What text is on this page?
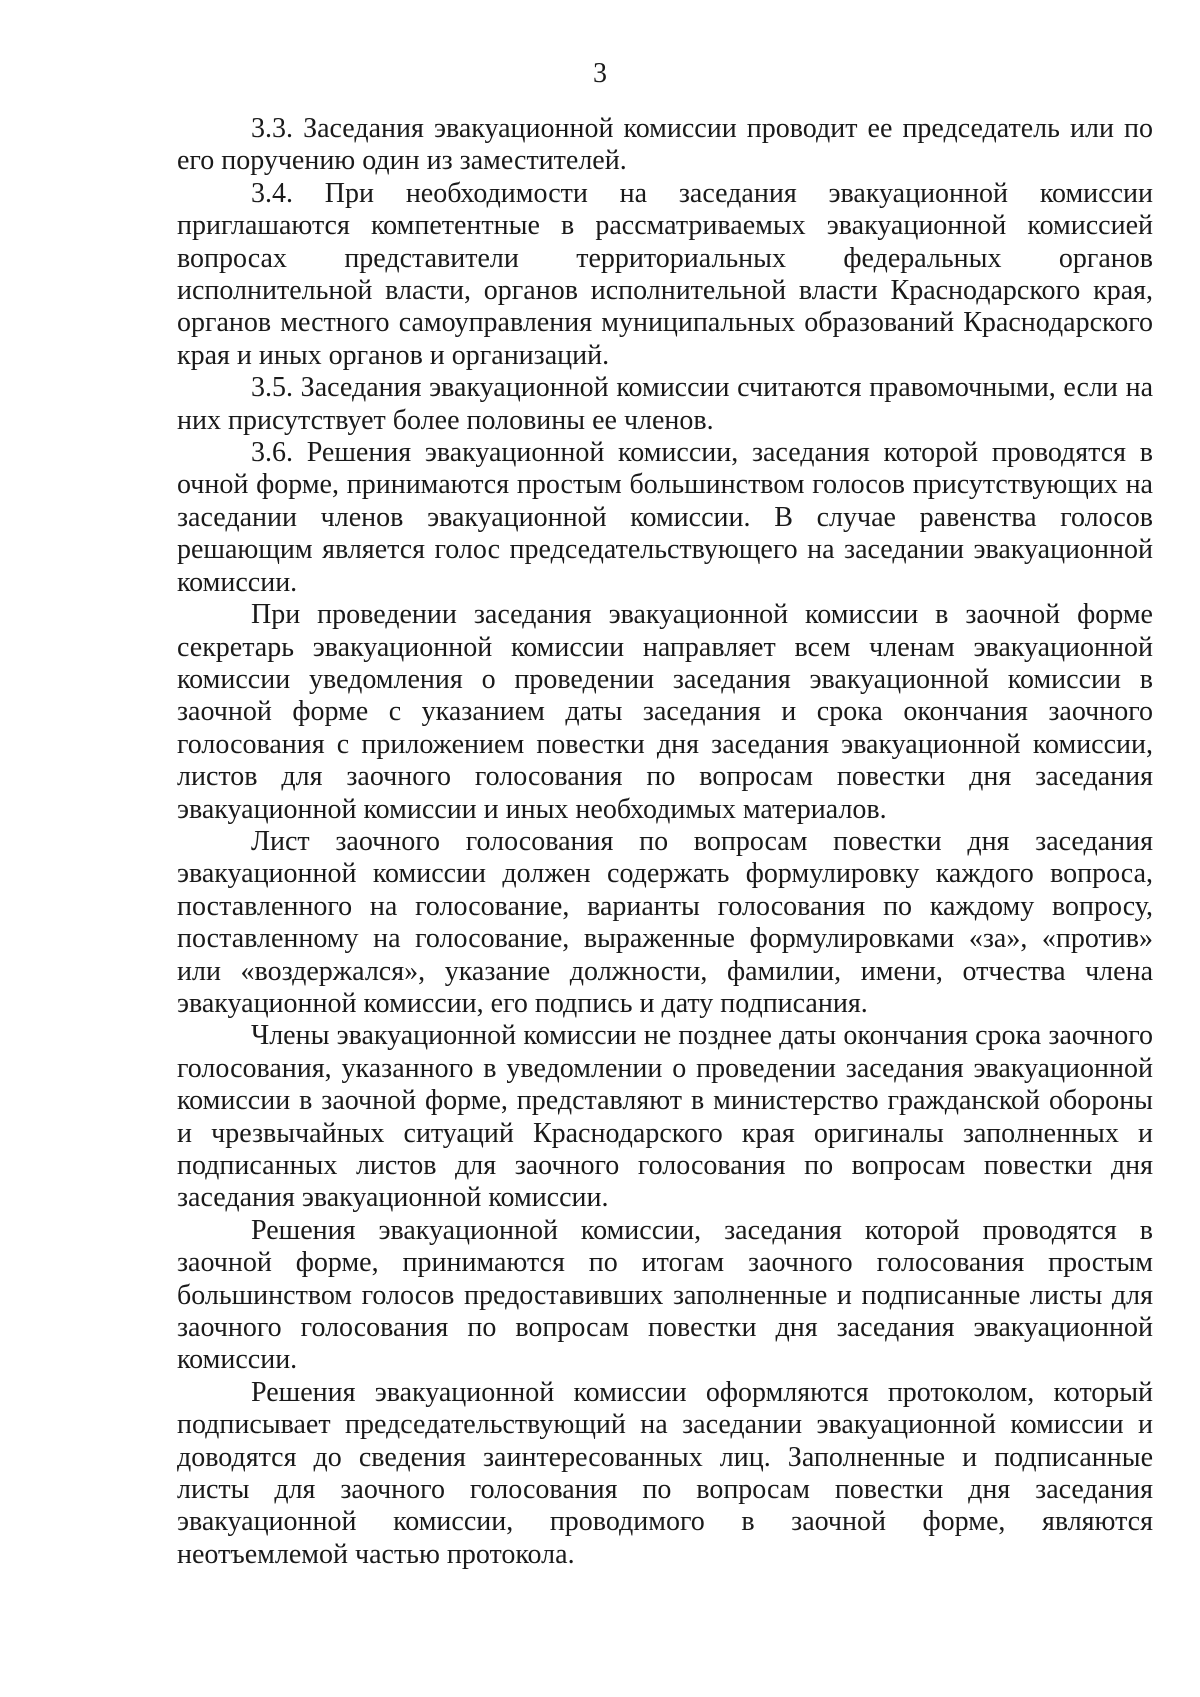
3

3.3. Заседания эвакуационной комиссии проводит ее председатель или по его поручению один из заместителей.

3.4. При необходимости на заседания эвакуационной комиссии приглашаются компетентные в рассматриваемых эвакуационной комиссией вопросах представители территориальных федеральных органов исполнительной власти, органов исполнительной власти Краснодарского края, органов местного самоуправления муниципальных образований Краснодарского края и иных органов и организаций.

3.5. Заседания эвакуационной комиссии считаются правомочными, если на них присутствует более половины ее членов.

3.6. Решения эвакуационной комиссии, заседания которой проводятся в очной форме, принимаются простым большинством голосов присутствующих на заседании членов эвакуационной комиссии. В случае равенства голосов решающим является голос председательствующего на заседании эвакуационной комиссии.

При проведении заседания эвакуационной комиссии в заочной форме секретарь эвакуационной комиссии направляет всем членам эвакуационной комиссии уведомления о проведении заседания эвакуационной комиссии в заочной форме с указанием даты заседания и срока окончания заочного голосования с приложением повестки дня заседания эвакуационной комиссии, листов для заочного голосования по вопросам повестки дня заседания эвакуационной комиссии и иных необходимых материалов.

Лист заочного голосования по вопросам повестки дня заседания эвакуационной комиссии должен содержать формулировку каждого вопроса, поставленного на голосование, варианты голосования по каждому вопросу, поставленному на голосование, выраженные формулировками «за», «против» или «воздержался», указание должности, фамилии, имени, отчества члена эвакуационной комиссии, его подпись и дату подписания.

Члены эвакуационной комиссии не позднее даты окончания срока заочного голосования, указанного в уведомлении о проведении заседания эвакуационной комиссии в заочной форме, представляют в министерство гражданской обороны и чрезвычайных ситуаций Краснодарского края оригиналы заполненных и подписанных листов для заочного голосования по вопросам повестки дня заседания эвакуационной комиссии.

Решения эвакуационной комиссии, заседания которой проводятся в заочной форме, принимаются по итогам заочного голосования простым большинством голосов предоставивших заполненные и подписанные листы для заочного голосования по вопросам повестки дня заседания эвакуационной комиссии.

Решения эвакуационной комиссии оформляются протоколом, который подписывает председательствующий на заседании эвакуационной комиссии и доводятся до сведения заинтересованных лиц. Заполненные и подписанные листы для заочного голосования по вопросам повестки дня заседания эвакуационной комиссии, проводимого в заочной форме, являются неотъемлемой частью протокола.
